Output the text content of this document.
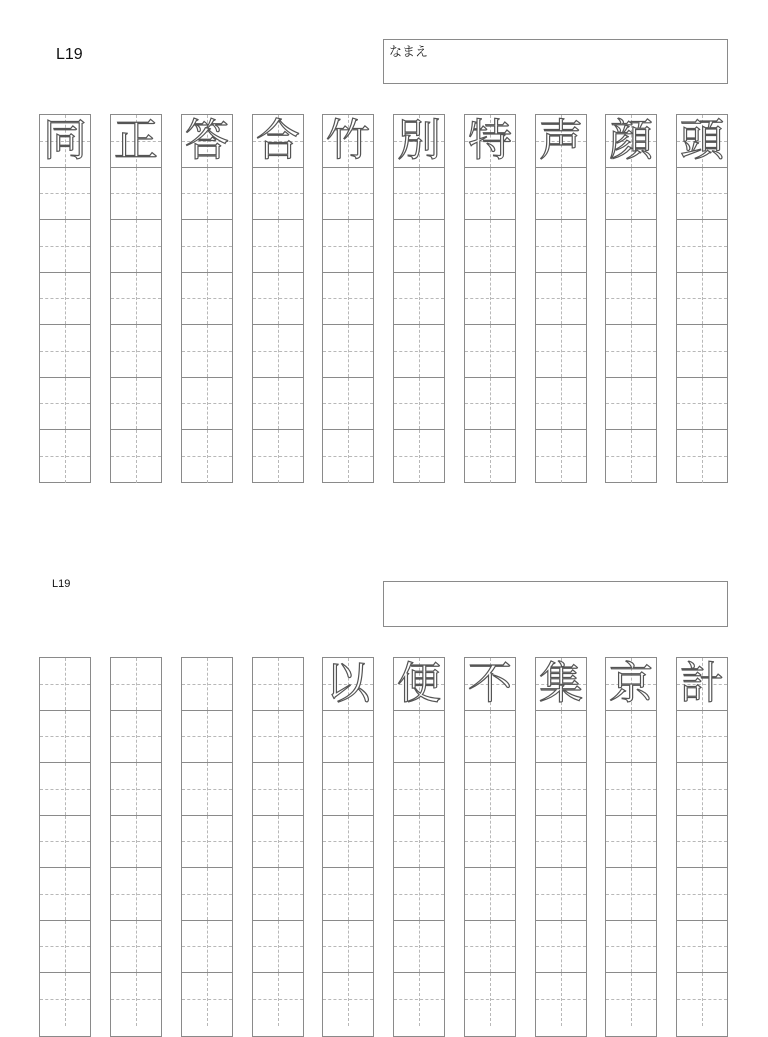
L19	なまえ
同 正 答 合 竹 別 特 声 顔 頭
L19
以 便 不 集 京 計
